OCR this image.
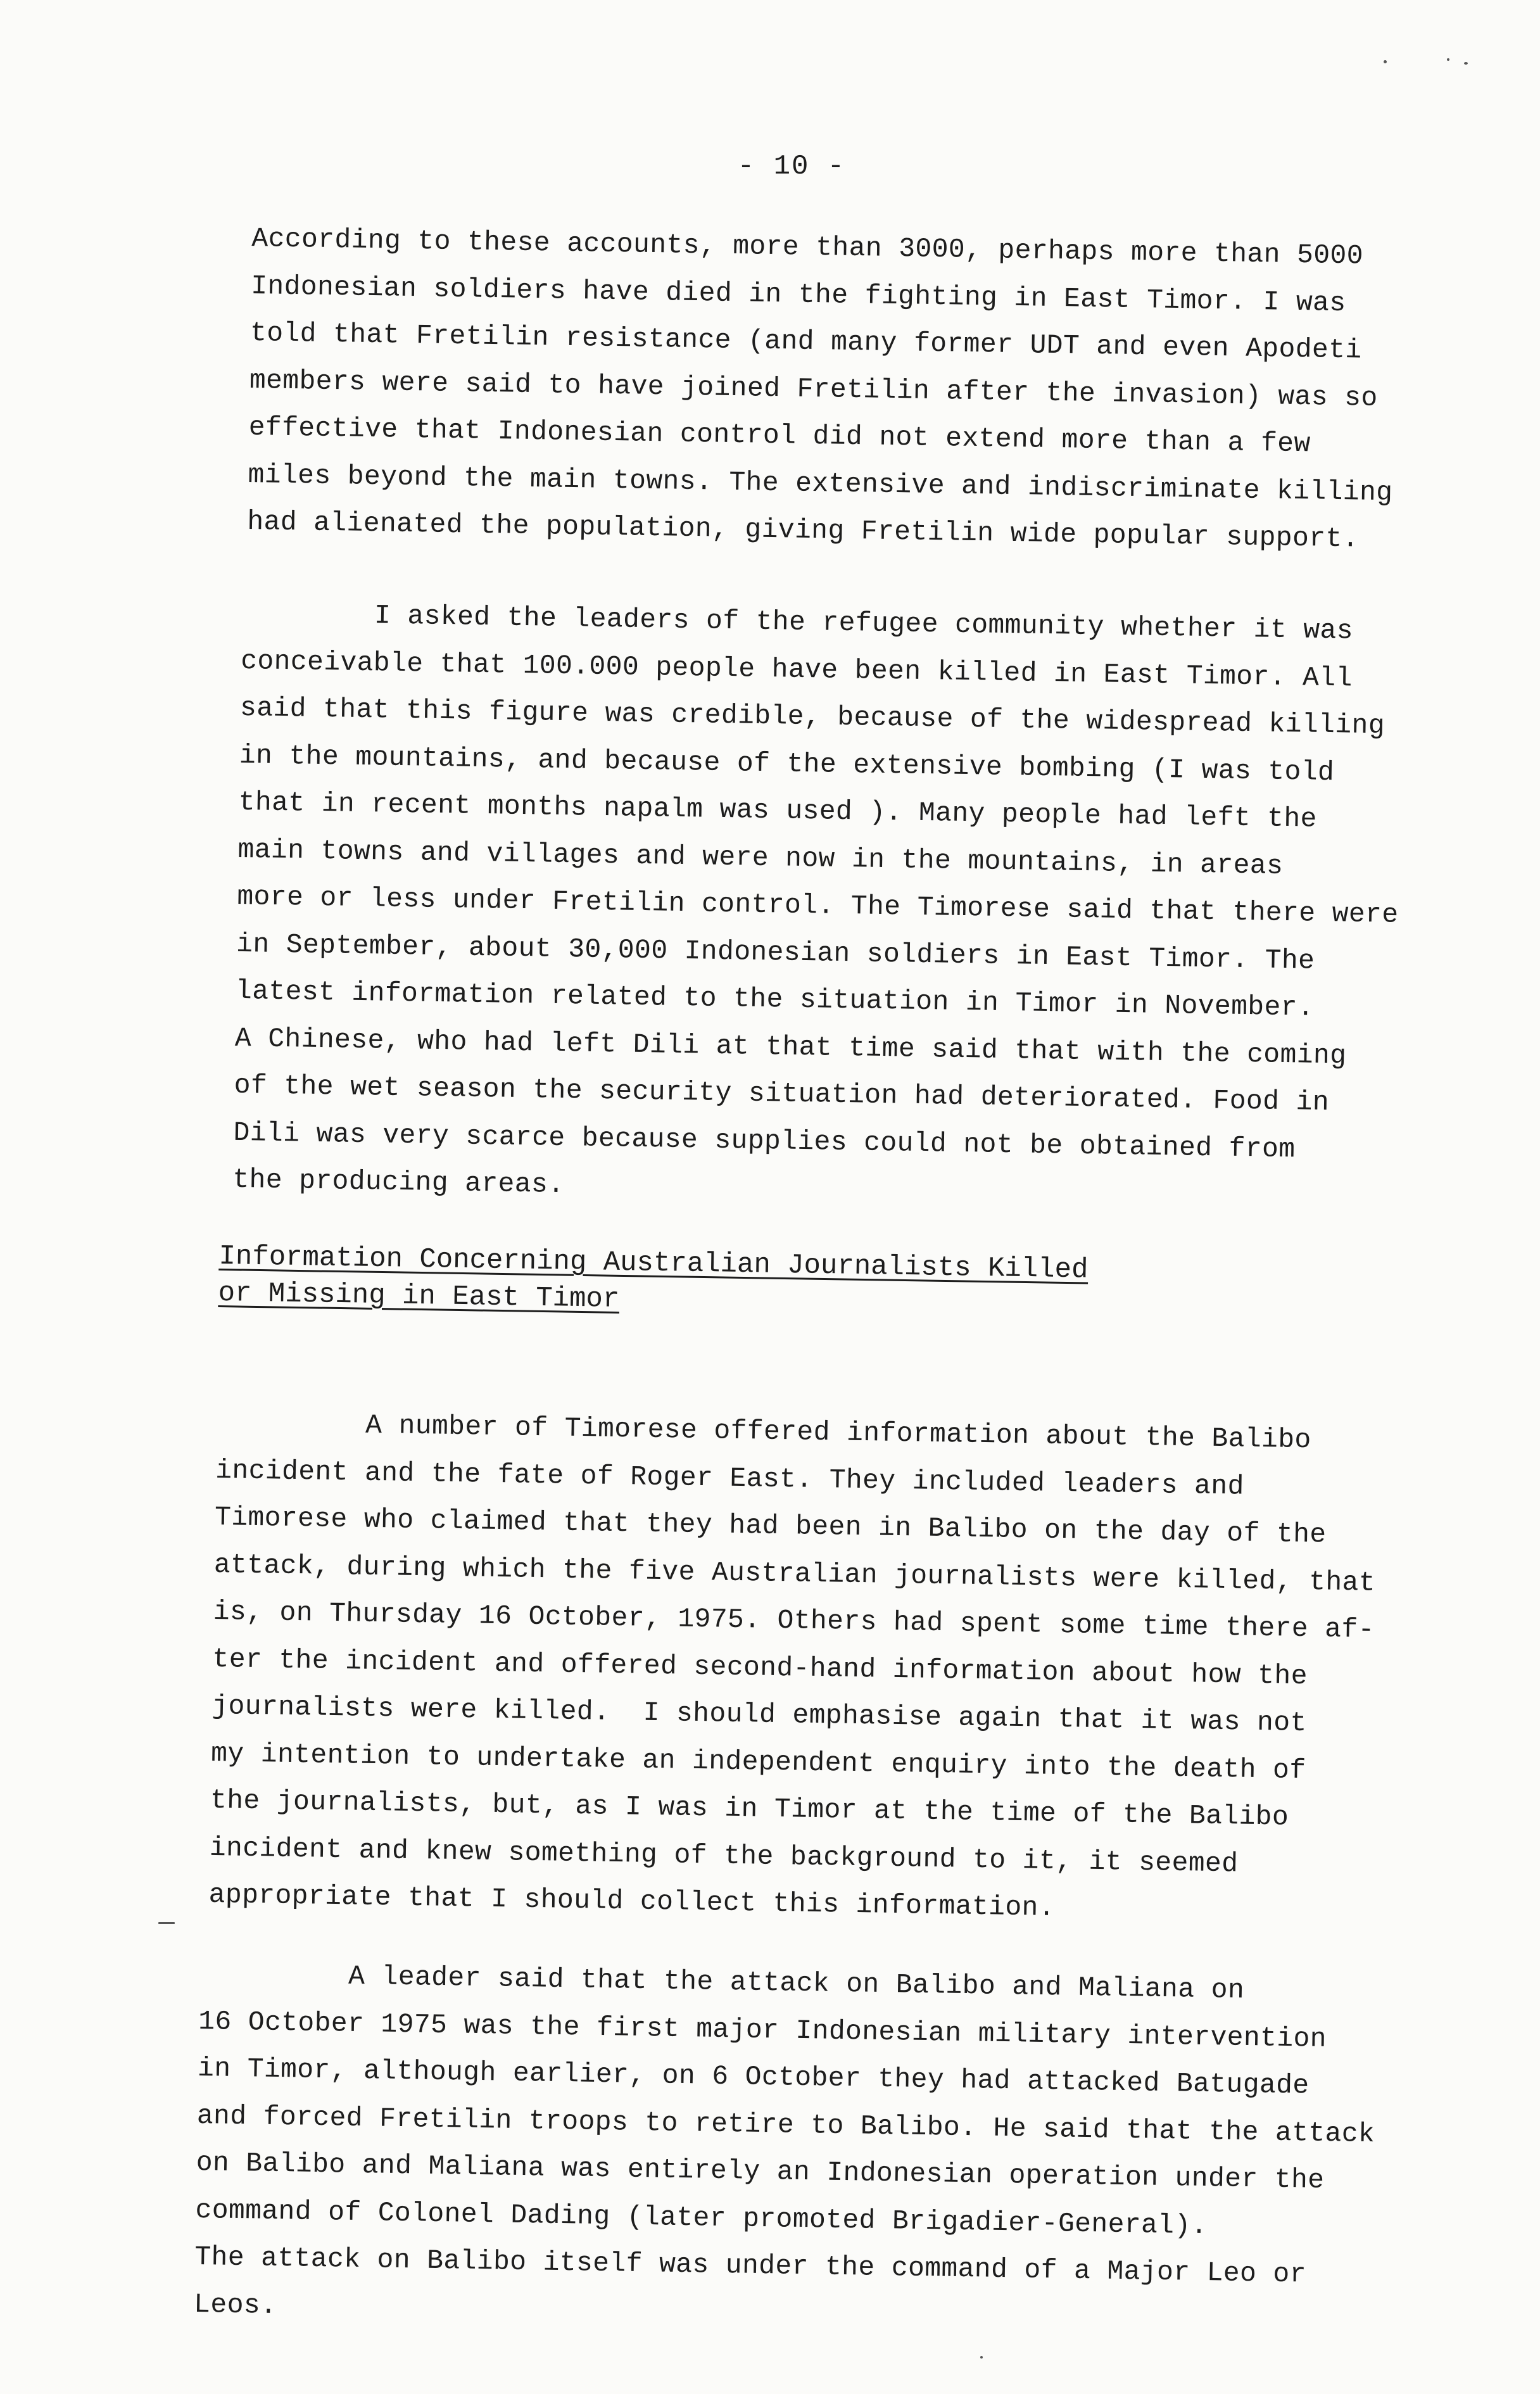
- 10 -

According to these accounts, more than 3000, perhaps more than 5000
Indonesian soldiers have died in the fighting in East Timor. I was
told that Fretilin resistance (and many former UDT and even Apodeti
members were said to have joined Fretilin after the invasion) was so
effective that Indonesian control did not extend more than a few
miles beyond the main towns. The extensive and indiscriminate killing
had alienated the population, giving Fretilin wide popular support.

I asked the leaders of the refugee community whether it was
conceivable that 100.000 people have been killed in East Timor. All
said that this figure was credible, because of the widespread killing
in the mountains, and because of the extensive bombing (I was told
that in recent months napalm was used ). Many people had left the
main towns and villages and were now in the mountains, in areas
more or less under Fretilin control. The Timorese said that there were
in September, about 30,000 Indonesian soldiers in East Timor. The
latest information related to the situation in Timor in November.
A Chinese, who had left Dili at that time said that with the coming
of the wet season the security situation had deteriorated. Food in
Dili was very scarce because supplies could not be obtained from
the producing areas.

Information Concerning Australian Journalists Killed
or Missing in East Timor

A number of Timorese offered information about the Balibo
incident and the fate of Roger East. They included leaders and
Timorese who claimed that they had been in Balibo on the day of the
attack, during which the five Australian journalists were killed, that
is, on Thursday 16 October, 1975. Others had spent some time there af-
ter the incident and offered second-hand information about how the
journalists were killed.  I should emphasise again that it was not
my intention to undertake an independent enquiry into the death of
the journalists, but, as I was in Timor at the time of the Balibo
incident and knew something of the background to it, it seemed
appropriate that I should collect this information.

A leader said that the attack on Balibo and Maliana on
16 October 1975 was the first major Indonesian military intervention
in Timor, although earlier, on 6 October they had attacked Batugade
and forced Fretilin troops to retire to Balibo. He said that the attack
on Balibo and Maliana was entirely an Indonesian operation under the
command of Colonel Dading (later promoted Brigadier-General).
The attack on Balibo itself was under the command of a Major Leo or
Leos.
